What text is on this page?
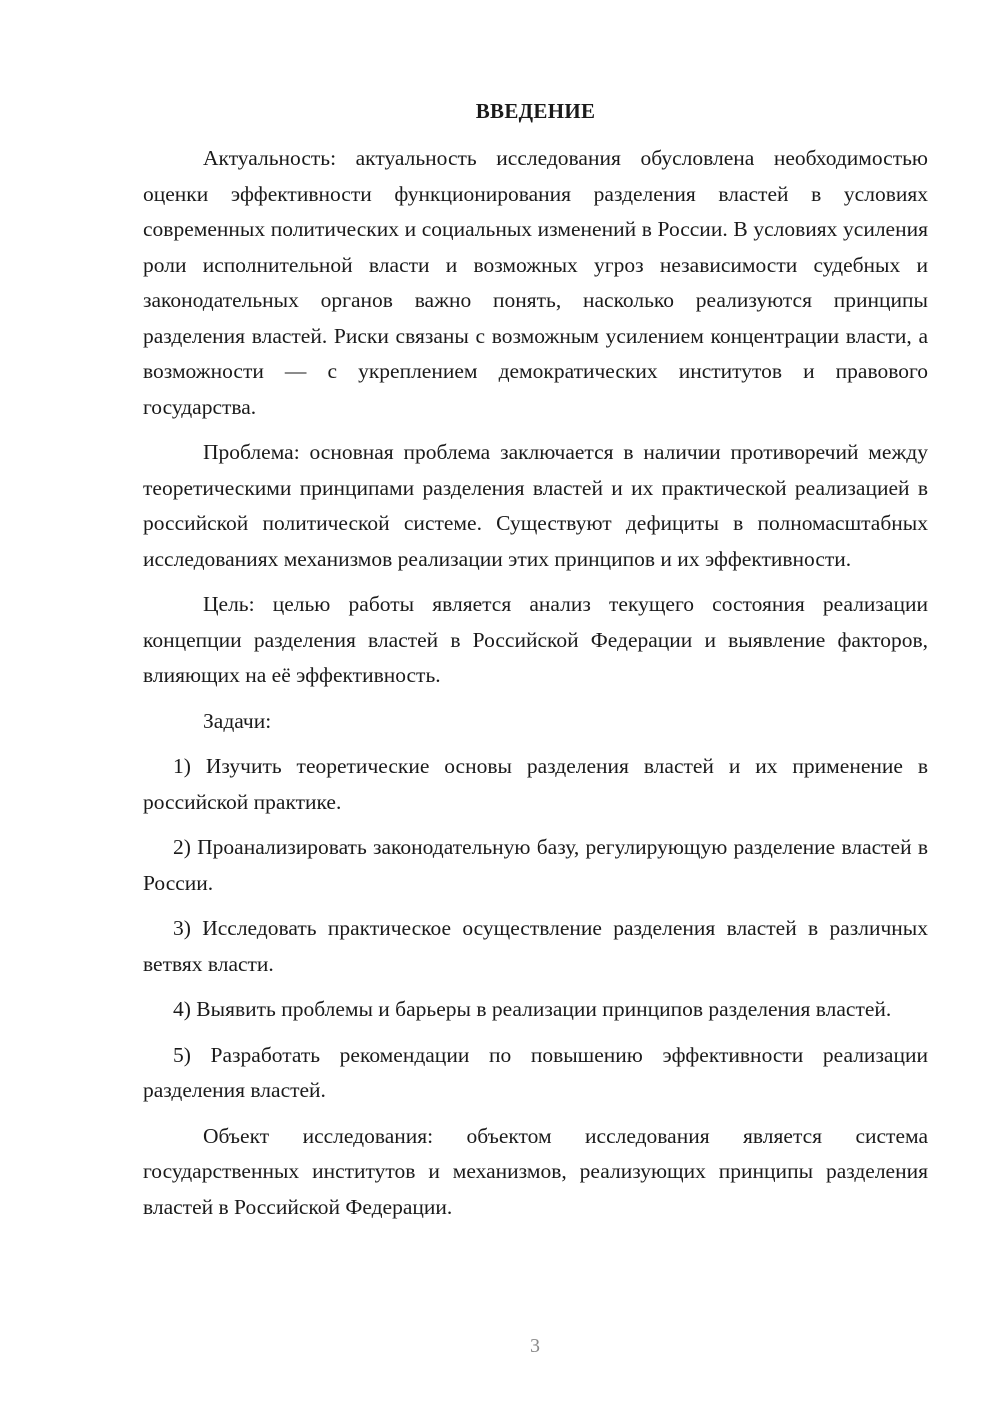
ВВЕДЕНИЕ

Актуальность: актуальность исследования обусловлена необходимостью оценки эффективности функционирования разделения властей в условиях современных политических и социальных изменений в России. В условиях усиления роли исполнительной власти и возможных угроз независимости судебных и законодательных органов важно понять, насколько реализуются принципы разделения властей. Риски связаны с возможным усилением концентрации власти, а возможности — с укреплением демократических институтов и правового государства.

Проблема: основная проблема заключается в наличии противоречий между теоретическими принципами разделения властей и их практической реализацией в российской политической системе. Существуют дефициты в полномасштабных исследованиях механизмов реализации этих принципов и их эффективности.

Цель: целью работы является анализ текущего состояния реализации концепции разделения властей в Российской Федерации и выявление факторов, влияющих на её эффективность.

Задачи:

1) Изучить теоретические основы разделения властей и их применение в российской практике.

2) Проанализировать законодательную базу, регулирующую разделение властей в России.

3) Исследовать практическое осуществление разделения властей в различных ветвях власти.

4) Выявить проблемы и барьеры в реализации принципов разделения властей.

5) Разработать рекомендации по повышению эффективности реализации разделения властей.

Объект исследования: объектом исследования является система государственных институтов и механизмов, реализующих принципы разделения властей в Российской Федерации.

3
